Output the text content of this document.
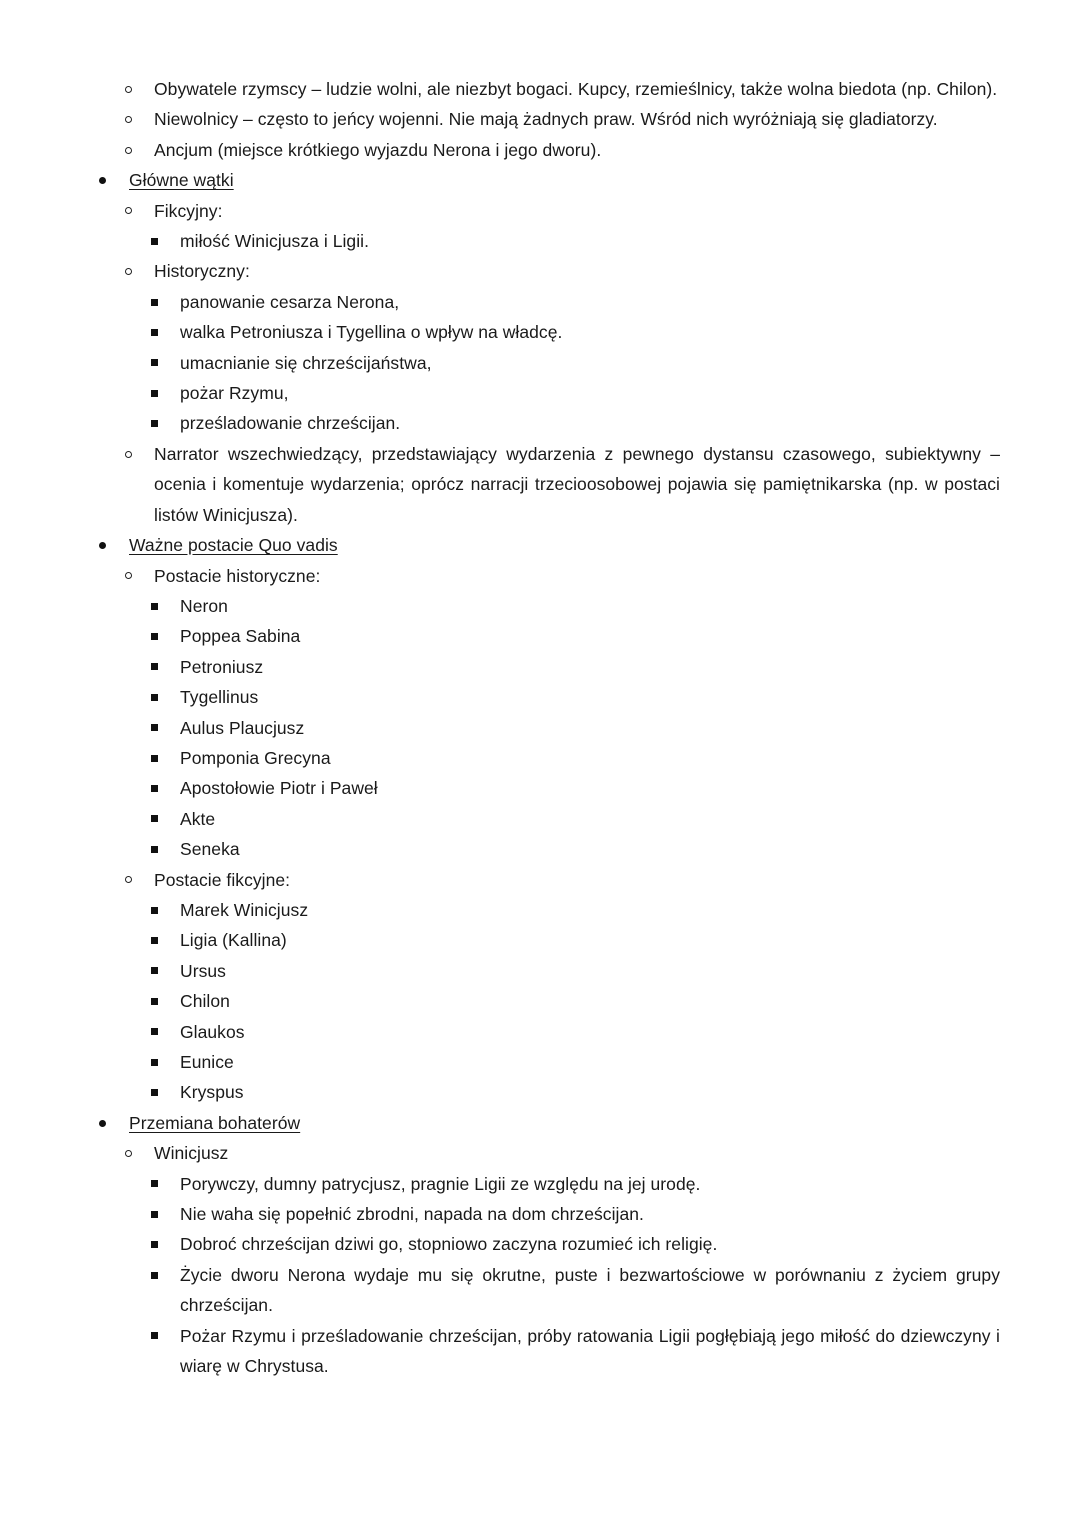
Obywatele rzymscy – ludzie wolni, ale niezbyt bogaci. Kupcy, rzemieślnicy, także wolna biedota (np. Chilon).
Niewolnicy – często to jeńcy wojenni. Nie mają żadnych praw. Wśród nich wyróżniają się gladiatorzy.
Ancjum (miejsce krótkiego wyjazdu Nerona i jego dworu).
Główne wątki
Fikcyjny:
miłość Winicjusza i Ligii.
Historyczny:
panowanie cesarza Nerona,
walka Petroniusza i Tygellina o wpływ na władcę.
umacnianie się chrześcijaństwa,
pożar Rzymu,
prześladowanie chrześcijan.
Narrator wszechwiedzący, przedstawiający wydarzenia z pewnego dystansu czasowego, subiektywny – ocenia i komentuje wydarzenia; oprócz narracji trzecioosobowej pojawia się pamiętnikarska (np. w postaci listów Winicjusza).
Ważne postacie Quo vadis
Postacie historyczne:
Neron
Poppea Sabina
Petroniusz
Tygellinus
Aulus Plaucjusz
Pomponia Grecyna
Apostołowie Piotr i Paweł
Akte
Seneka
Postacie fikcyjne:
Marek Winicjusz
Ligia (Kallina)
Ursus
Chilon
Glaukos
Eunice
Kryspus
Przemiana bohaterów
Winicjusz
Porywczy, dumny patrycjusz, pragnie Ligii ze względu na jej urodę.
Nie waha się popełnić zbrodni, napada na dom chrześcijan.
Dobroć chrześcijan dziwi go, stopniowo zaczyna rozumieć ich religię.
Życie dworu Nerona wydaje mu się okrutne, puste i bezwartościowe w porównaniu z życiem grupy chrześcijan.
Pożar Rzymu i prześladowanie chrześcijan, próby ratowania Ligii pogłębiają jego miłość do dziewczyny i wiarę w Chrystusa.
